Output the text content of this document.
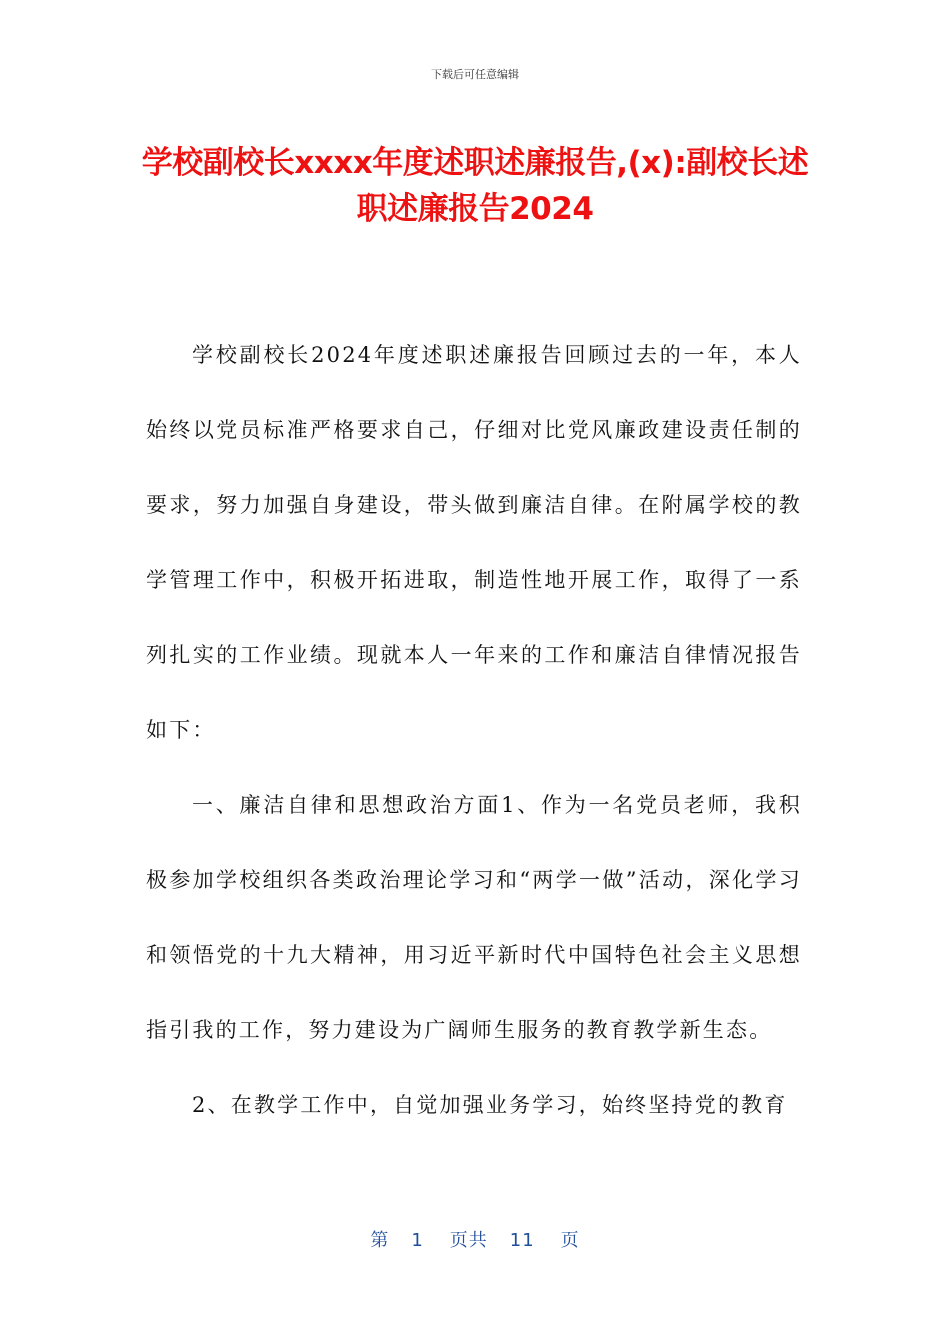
下载后可任意编辑
学校副校长xxxx年度述职述廉报告,(x):副校长述职述廉报告2024

学校副校长2024年度述职述廉报告回顾过去的一年，本人始终以党员标准严格要求自己，仔细对比党风廉政建设责任制的要求，努力加强自身建设，带头做到廉洁自律。在附属学校的教学管理工作中，积极开拓进取，制造性地开展工作，取得了一系列扎实的工作业绩。现就本人一年来的工作和廉洁自律情况报告如下：

一、廉洁自律和思想政治方面1、作为一名党员老师，我积极参加学校组织各类政治理论学习和“两学一做”活动，深化学习和领悟党的十九大精神，用习近平新时代中国特色社会主义思想指引我的工作，努力建设为广阔师生服务的教育教学新生态。

2、在教学工作中，自觉加强业务学习，始终坚持党的教育

第 1 页共 11 页
